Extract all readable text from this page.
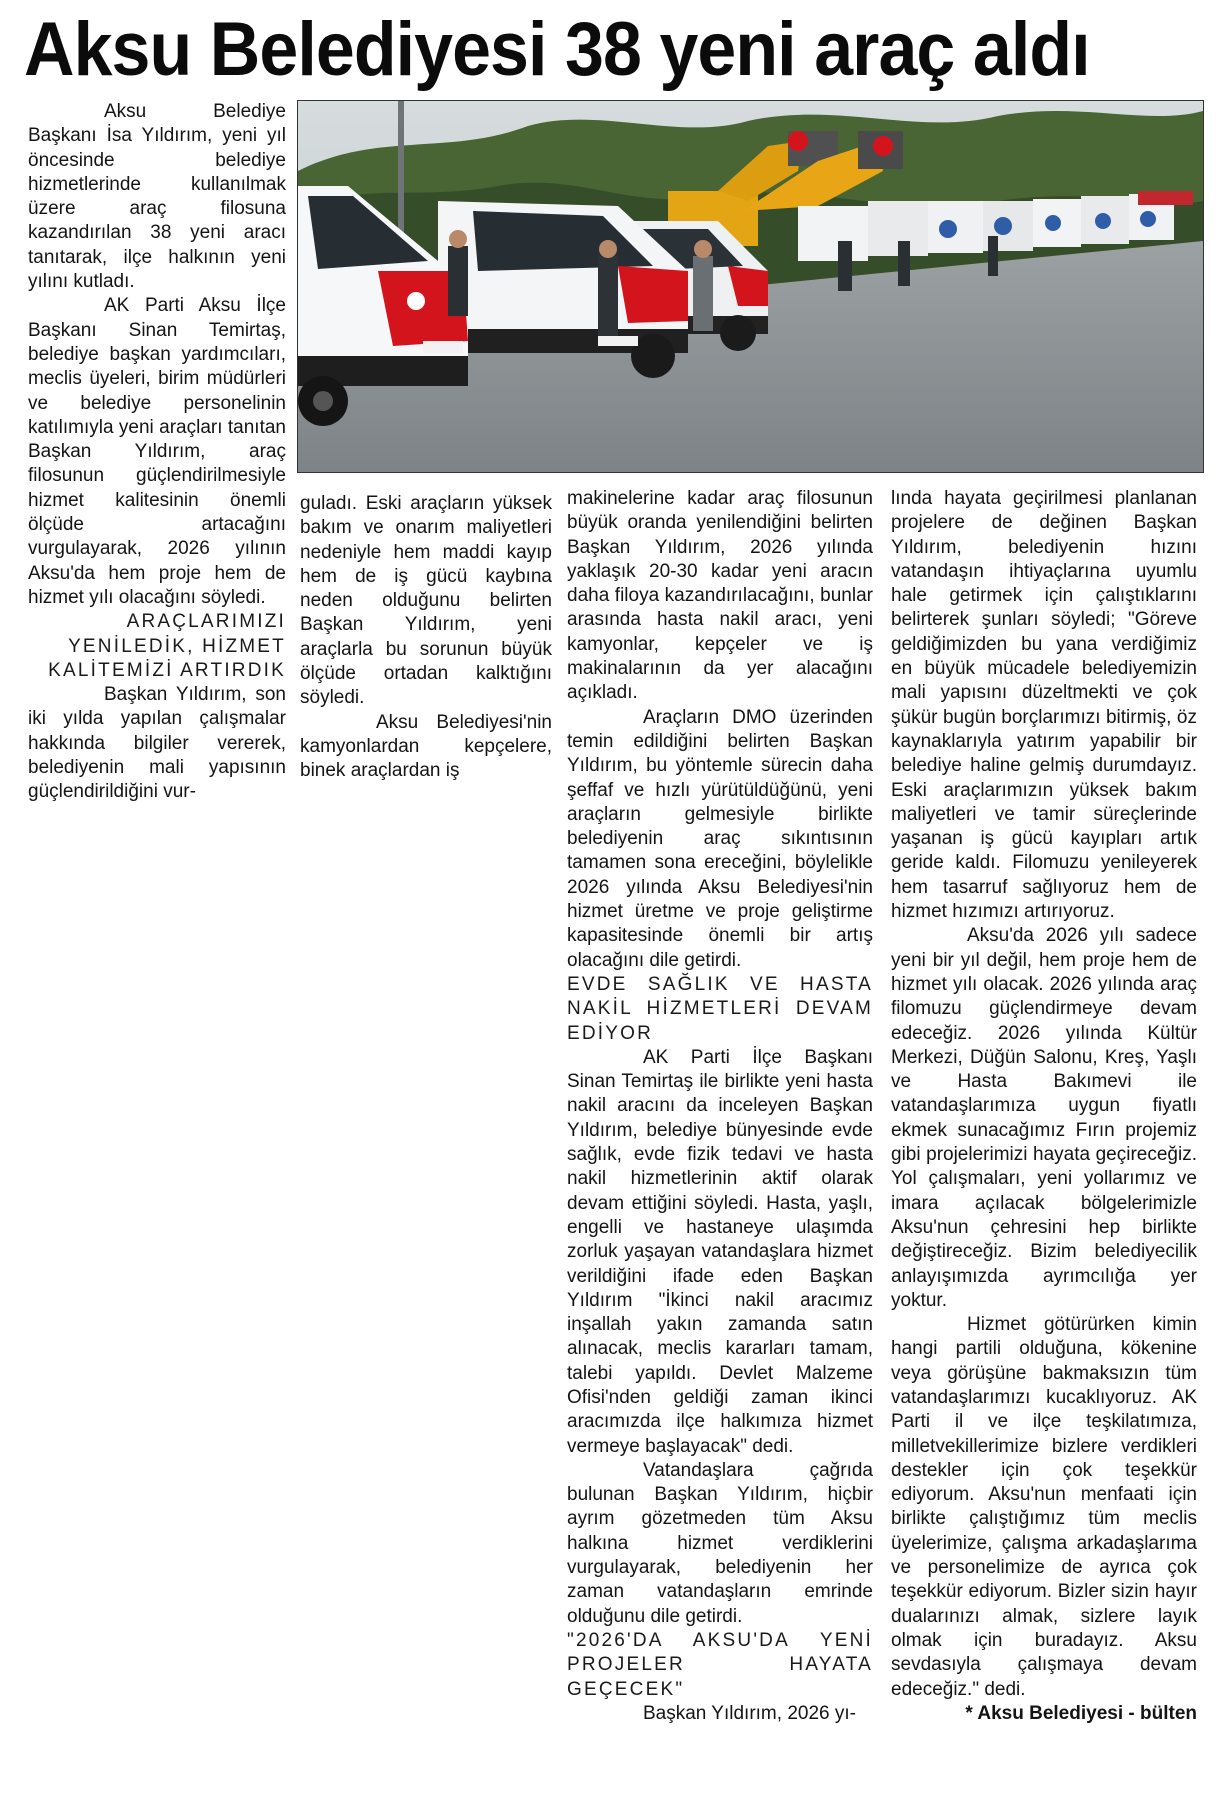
Aksu Belediyesi 38 yeni araç aldı

Aksu Belediye Başkanı İsa Yıldırım, yeni yıl öncesinde belediye hizmetlerinde kullanılmak üzere araç filosuna kazandırılan 38 yeni aracı tanıtarak, ilçe halkının yeni yılını kutladı.

AK Parti Aksu İlçe Başkanı Sinan Temirtaş, belediye başkan yardımcıları, meclis üyeleri, birim müdürleri ve belediye personelinin katılımıyla yeni araçları tanıtan Başkan Yıldırım, araç filosunun güçlendirilmesiyle hizmet kalitesinin önemli ölçüde artacağını vurgulayarak, 2026 yılının Aksu'da hem proje hem de hizmet yılı olacağını söyledi.

ARAÇLARIMIZI YENİLEDİK, HİZMET KALİTEMİZİ ARTIRDIK

Başkan Yıldırım, son iki yılda yapılan çalışmalar hakkında bilgiler vererek, belediyenin mali yapısının güçlendirildiğini vur-

guladı. Eski araçların yüksek bakım ve onarım maliyetleri nedeniyle hem maddi kayıp hem de iş gücü kaybına neden olduğunu belirten Başkan Yıldırım, yeni araçlarla bu sorunun büyük ölçüde ortadan kalktığını söyledi.

Aksu Belediyesi'nin kamyonlardan kepçelere, binek araçlardan iş

makinelerine kadar araç filosunun büyük oranda yenilendiğini belirten Başkan Yıldırım, 2026 yılında yaklaşık 20-30 kadar yeni aracın daha filoya kazandırılacağını, bunlar arasında hasta nakil aracı, yeni kamyonlar, kepçeler ve iş makinalarının da yer alacağını açıkladı.

Araçların DMO üzerinden temin edildiğini belirten Başkan Yıldırım, bu yöntemle sürecin daha şeffaf ve hızlı yürütüldüğünü, yeni araçların gelmesiyle birlikte belediyenin araç sıkıntısının tamamen sona ereceğini, böylelikle 2026 yılında Aksu Belediyesi'nin hizmet üretme ve proje geliştirme kapasitesinde önemli bir artış olacağını dile getirdi.

EVDE SAĞLIK VE HASTA NAKİL HİZMETLERİ DEVAM EDİYOR

AK Parti İlçe Başkanı Sinan Temirtaş ile birlikte yeni hasta nakil aracını da inceleyen Başkan Yıldırım, belediye bünyesinde evde sağlık, evde fizik tedavi ve hasta nakil hizmetlerinin aktif olarak devam ettiğini söyledi. Hasta, yaşlı, engelli ve hastaneye ulaşımda zorluk yaşayan vatandaşlara hizmet verildiğini ifade eden Başkan Yıldırım "İkinci nakil aracımız inşallah yakın zamanda satın alınacak, meclis kararları tamam, talebi yapıldı. Devlet Malzeme Ofisi'nden geldiği zaman ikinci aracımızda ilçe halkımıza hizmet vermeye başlayacak" dedi.

Vatandaşlara çağrıda bulunan Başkan Yıldırım, hiçbir ayrım gözetmeden tüm Aksu halkına hizmet verdiklerini vurgulayarak, belediyenin her zaman vatandaşların emrinde olduğunu dile getirdi.

"2026'DA AKSU'DA YENİ PROJELER HAYATA GEÇECEK"

Başkan Yıldırım, 2026 yı-

lında hayata geçirilmesi planlanan projelere de değinen Başkan Yıldırım, belediyenin hızını vatandaşın ihtiyaçlarına uyumlu hale getirmek için çalıştıklarını belirterek şunları söyledi; "Göreve geldiğimizden bu yana verdiğimiz en büyük mücadele belediyemizin mali yapısını düzeltmekti ve çok şükür bugün borçlarımızı bitirmiş, öz kaynaklarıyla yatırım yapabilir bir belediye haline gelmiş durumdayız. Eski araçlarımızın yüksek bakım maliyetleri ve tamir süreçlerinde yaşanan iş gücü kayıpları artık geride kaldı. Filomuzu yenileyerek hem tasarruf sağlıyoruz hem de hizmet hızımızı artırıyoruz.

Aksu'da 2026 yılı sadece yeni bir yıl değil, hem proje hem de hizmet yılı olacak. 2026 yılında araç filomuzu güçlendirmeye devam edeceğiz. 2026 yılında Kültür Merkezi, Düğün Salonu, Kreş, Yaşlı ve Hasta Bakımevi ile vatandaşlarımıza uygun fiyatlı ekmek sunacağımız Fırın projemiz gibi projelerimizi hayata geçireceğiz. Yol çalışmaları, yeni yollarımız ve imara açılacak bölgelerimizle Aksu'nun çehresini hep birlikte değiştireceğiz. Bizim belediyecilik anlayışımızda ayrımcılığa yer yoktur.

Hizmet götürürken kimin hangi partili olduğuna, kökenine veya görüşüne bakmaksızın tüm vatandaşlarımızı kucaklıyoruz. AK Parti il ve ilçe teşkilatımıza, milletvekillerimize bizlere verdikleri destekler için çok teşekkür ediyorum. Aksu'nun menfaati için birlikte çalıştığımız tüm meclis üyelerimize, çalışma arkadaşlarıma ve personelimize de ayrıca çok teşekkür ediyorum. Bizler sizin hayır dualarınızı almak, sizlere layık olmak için buradayız. Aksu sevdasıyla çalışmaya devam edeceğiz." dedi.

* Aksu Belediyesi - bülten
